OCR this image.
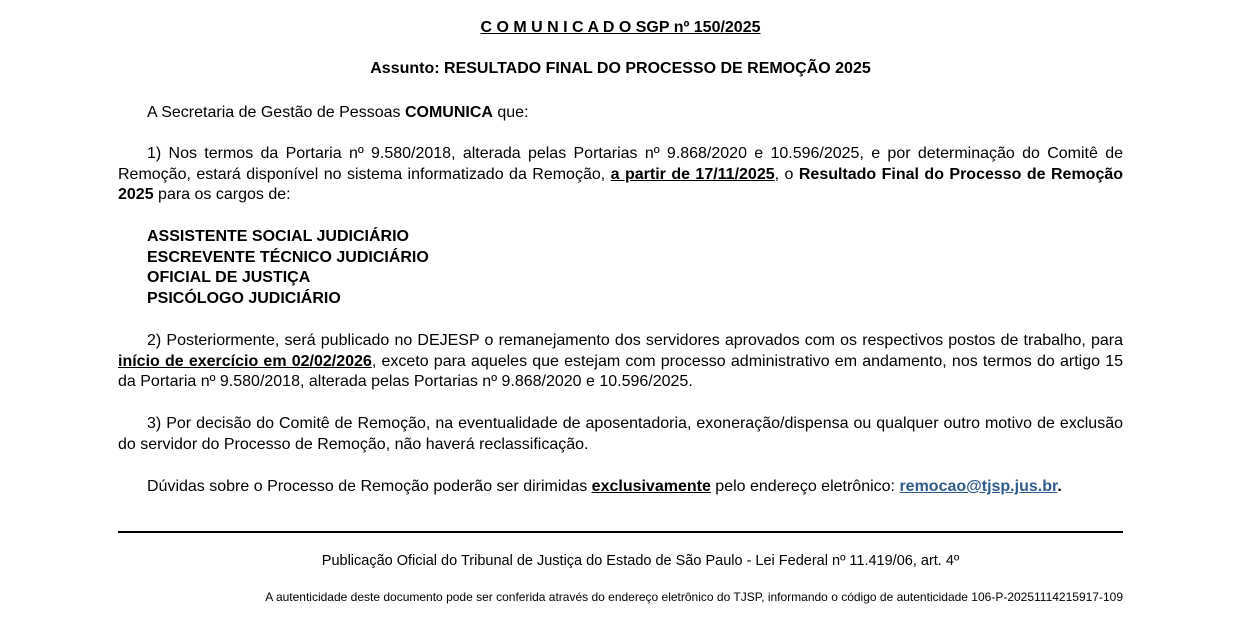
C O M U N I C A D O SGP nº 150/2025
Assunto: RESULTADO FINAL DO PROCESSO DE REMOÇÃO 2025

A Secretaria de Gestão de Pessoas COMUNICA que:

1) Nos termos da Portaria nº 9.580/2018, alterada pelas Portarias nº 9.868/2020 e 10.596/2025, e por determinação do Comitê de Remoção, estará disponível no sistema informatizado da Remoção, a partir de 17/11/2025, o Resultado Final do Processo de Remoção 2025 para os cargos de:

ASSISTENTE SOCIAL JUDICIÁRIO
ESCREVENTE TÉCNICO JUDICIÁRIO
OFICIAL DE JUSTIÇA
PSICÓLOGO JUDICIÁRIO

2) Posteriormente, será publicado no DEJESP o remanejamento dos servidores aprovados com os respectivos postos de trabalho, para início de exercício em 02/02/2026, exceto para aqueles que estejam com processo administrativo em andamento, nos termos do artigo 15 da Portaria nº 9.580/2018, alterada pelas Portarias nº 9.868/2020 e 10.596/2025.

3) Por decisão do Comitê de Remoção, na eventualidade de aposentadoria, exoneração/dispensa ou qualquer outro motivo de exclusão do servidor do Processo de Remoção, não haverá reclassificação.

Dúvidas sobre o Processo de Remoção poderão ser dirimidas exclusivamente pelo endereço eletrônico: remocao@tjsp.jus.br.

Publicação Oficial do Tribunal de Justiça do Estado de São Paulo - Lei Federal nº 11.419/06, art. 4º
A autenticidade deste documento pode ser conferida através do endereço eletrônico do TJSP, informando o código de autenticidade 106-P-20251114215917-109
